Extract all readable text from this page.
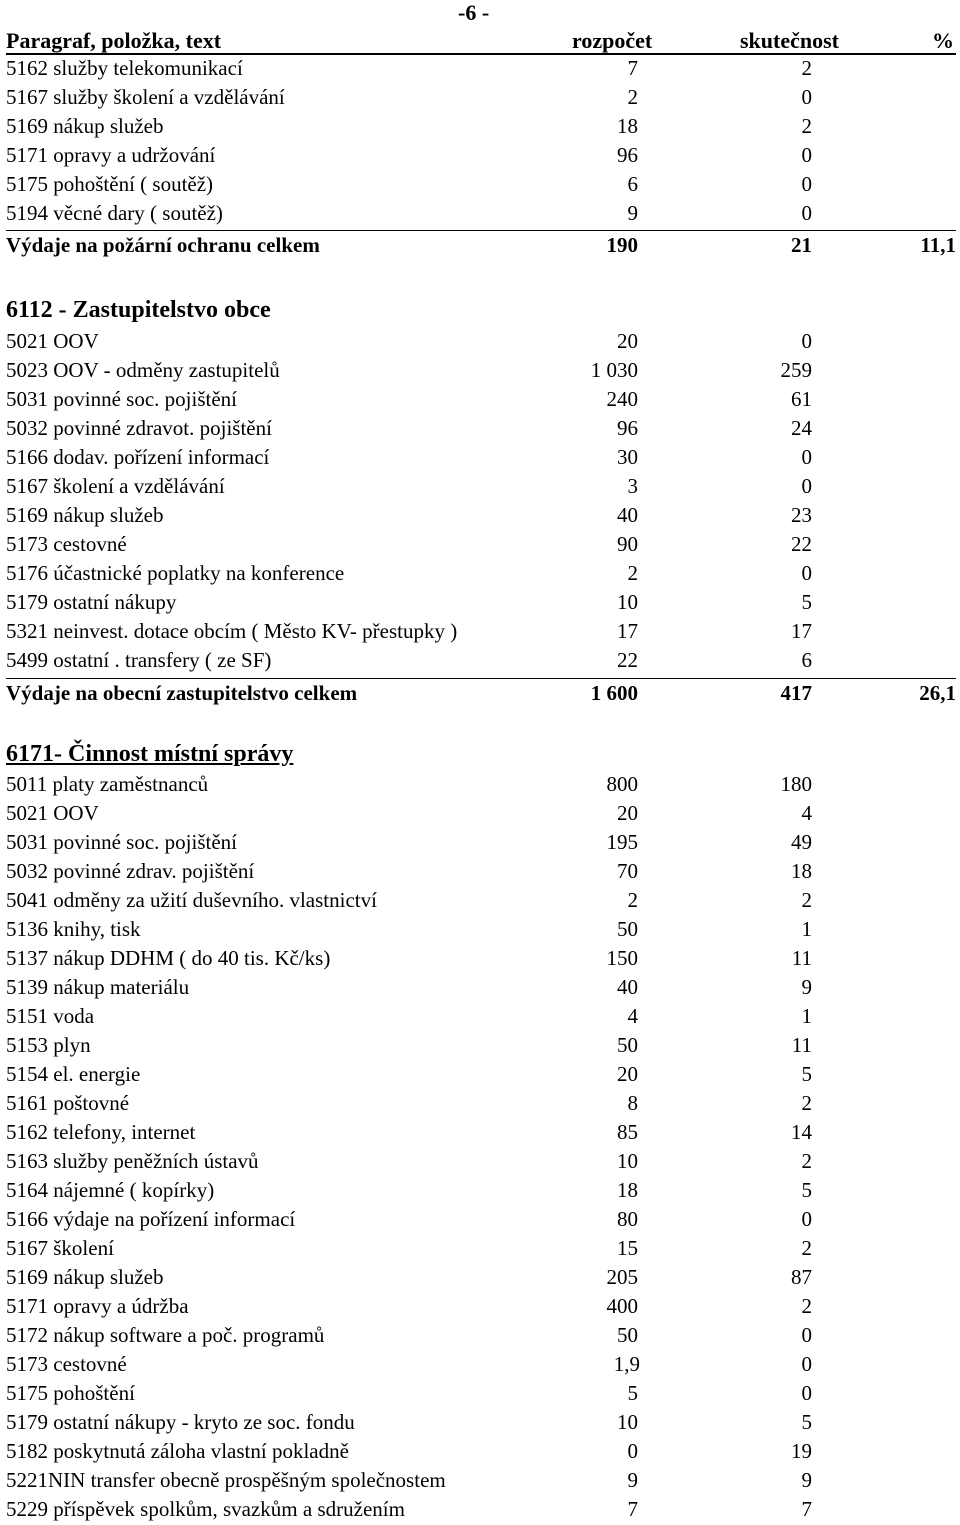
-6 -
Paragraf, položka, text	rozpočet	skutečnost	%
5162 služby telekomunikací	7	2
5167 služby školení a vzdělávání	2	0
5169 nákup služeb	18	2
5171 opravy a udržování	96	0
5175 pohoštění ( soutěž)	6	0
5194 věcné dary ( soutěž)	9	0
Výdaje na požární ochranu celkem	190	21	11,1
6112 - Zastupitelstvo obce
5021 OOV	20	0
5023 OOV - odměny zastupitelů	1 030	259
5031 povinné soc. pojištění	240	61
5032 povinné zdravot. pojištění	96	24
5166 dodav. pořízení informací	30	0
5167 školení a vzdělávání	3	0
5169 nákup služeb	40	23
5173 cestovné	90	22
5176 účastnické poplatky na konference	2	0
5179 ostatní nákupy	10	5
5321 neinvest. dotace obcím ( Město KV- přestupky )	17	17
5499 ostatní . transfery ( ze SF)	22	6
Výdaje na obecní zastupitelstvo celkem	1 600	417	26,1
6171- Činnost místní správy
5011 platy zaměstnanců	800	180
5021 OOV	20	4
5031 povinné soc. pojištění	195	49
5032 povinné zdrav. pojištění	70	18
5041 odměny za užití duševního. vlastnictví	2	2
5136 knihy, tisk	50	1
5137 nákup DDHM ( do 40 tis. Kč/ks)	150	11
5139 nákup materiálu	40	9
5151 voda	4	1
5153 plyn	50	11
5154 el. energie	20	5
5161 poštovné	8	2
5162 telefony, internet	85	14
5163 služby peněžních ústavů	10	2
5164 nájemné ( kopírky)	18	5
5166 výdaje na pořízení informací	80	0
5167 školení	15	2
5169 nákup služeb	205	87
5171 opravy a údržba	400	2
5172 nákup software a poč. programů	50	0
5173 cestovné	1,9	0
5175 pohoštění	5	0
5179 ostatní nákupy - kryto ze soc. fondu	10	5
5182 poskytnutá záloha vlastní pokladně	0	19
5221NIN transfer obecně prospěšným společnostem	9	9
5229 příspěvek spolkům, svazkům a sdružením	7	7
